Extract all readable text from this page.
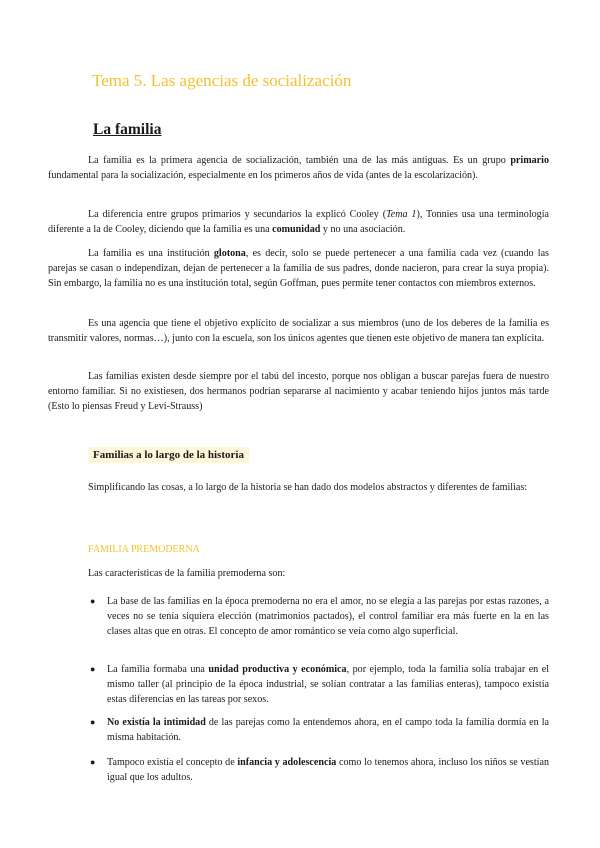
Tema 5. Las agencias de socialización
La familia
La familia es la primera agencia de socialización, también una de las más antiguas. Es un grupo primario fundamental para la socialización, especialmente en los primeros años de vida (antes de la escolarización).
La diferencia entre grupos primarios y secundarios la explicó Cooley (Tema 1), Tonnies usa una terminología diferente a la de Cooley, diciendo que la familia es una comunidad y no una asociación.
La familia es una institución glotona, es decir, solo se puede pertenecer a una familia cada vez (cuando las parejas se casan o independizan, dejan de pertenecer a la familia de sus padres, donde nacieron, para crear la suya propia). Sin embargo, la familia no es una institución total, según Goffman, pues permite tener contactos con miembros externos.
Es una agencia que tiene el objetivo explícito de socializar a sus miembros (uno de los deberes de la familia es transmitir valores, normas…), junto con la escuela, son los únicos agentes que tienen este objetivo de manera tan explícita.
Las familias existen desde siempre por el tabú del incesto, porque nos obligan a buscar parejas fuera de nuestro entorno familiar. Si no existiesen, dos hermanos podrían separarse al nacimiento y acabar teniendo hijos juntos más tarde (Esto lo piensas Freud y Levi-Strauss)
Familias a lo largo de la historia
Simplificando las cosas, a lo largo de la historia se han dado dos modelos abstractos y diferentes de familias:
FAMILIA PREMODERNA
Las características de la familia premoderna son:
● La base de las familias en la época premoderna no era el amor, no se elegía a las parejas por estas razones, a veces no se tenía siquiera elección (matrimonios pactados), el control familiar era más fuerte en la en las clases altas que en otras. El concepto de amor romántico se veía como algo superficial.
● La familia formaba una unidad productiva y económica, por ejemplo, toda la familia solía trabajar en el mismo taller (al principio de la época industrial, se solían contratar a las familias enteras), tampoco existía estas diferencias en las tareas por sexos.
● No existía la intimidad de las parejas como la entendemos ahora, en el campo toda la familia dormía en la misma habitación.
● Tampoco existía el concepto de infancia y adolescencia como lo tenemos ahora, incluso los niños se vestían igual que los adultos.
